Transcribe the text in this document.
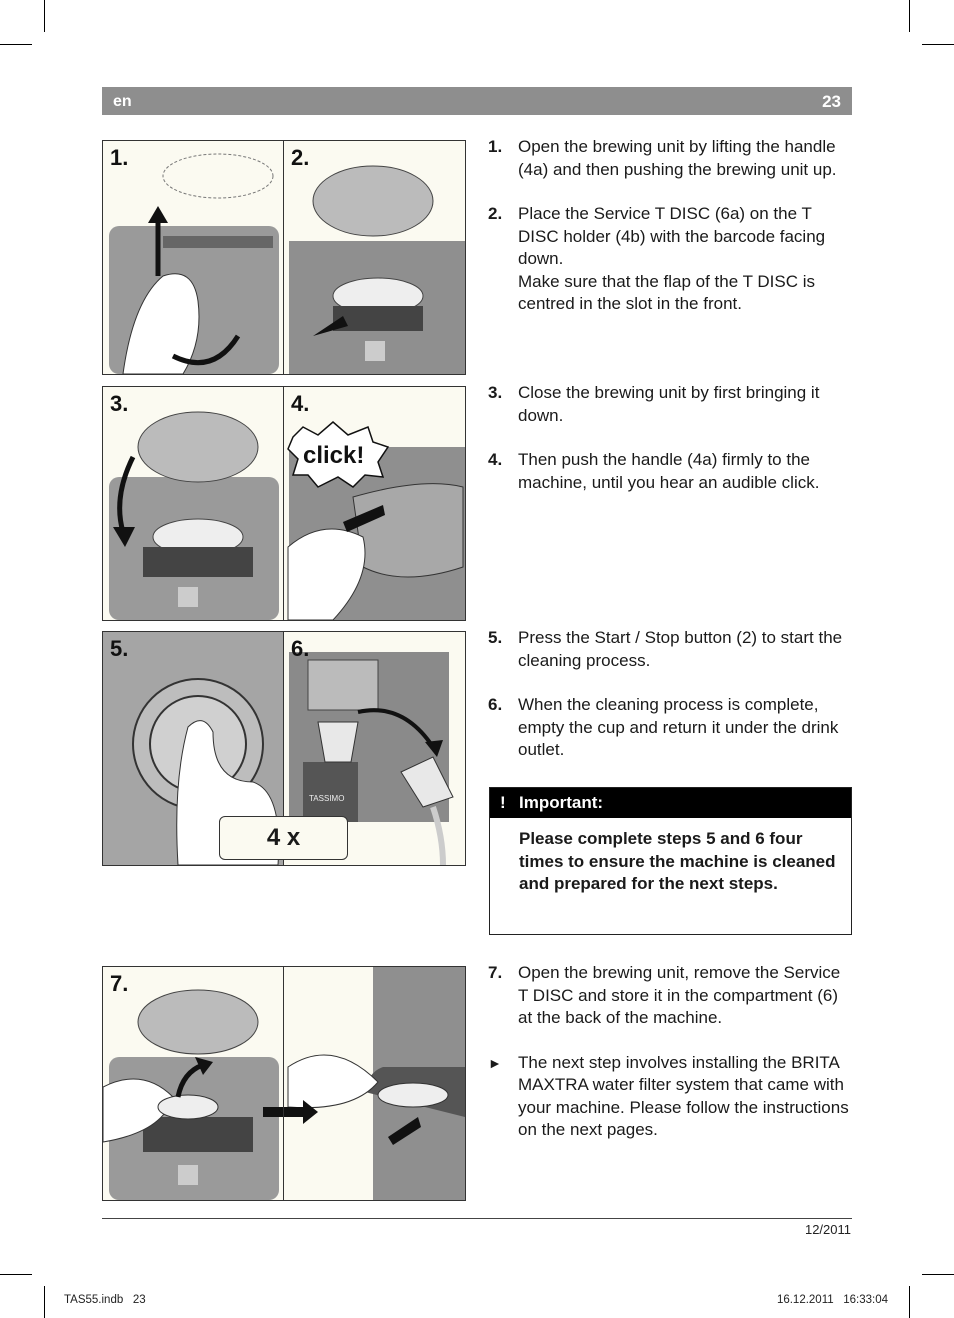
en	23
1.	2.
3.	4.
click!
5.	6.
TASSIMO
4 x
7.
1. Open the brewing unit by lifting the handle (4a) and then pushing the brewing unit up.
2. Place the Service T DISC (6a) on the T DISC holder (4b) with the barcode facing down.
Make sure that the flap of the T DISC is centred in the slot in the front.
3. Close the brewing unit by first bringing it down.
4. Then push the handle (4a) firmly to the machine, until you hear an audible click.
5. Press the Start / Stop button (2) to start the cleaning process.
6. When the cleaning process is complete, empty the cup and return it under the drink outlet.
! Important:
Please complete steps 5 and 6 four times to ensure the machine is cleaned and prepared for the next steps.
7. Open the brewing unit, remove the Service T DISC and store it in the compartment (6) at the back of the machine.
► The next step involves installing the BRITA MAXTRA water filter system that came with your machine. Please follow the instructions on the next pages.
12/2011
TAS55.indb   23	16.12.2011   16:33:04
